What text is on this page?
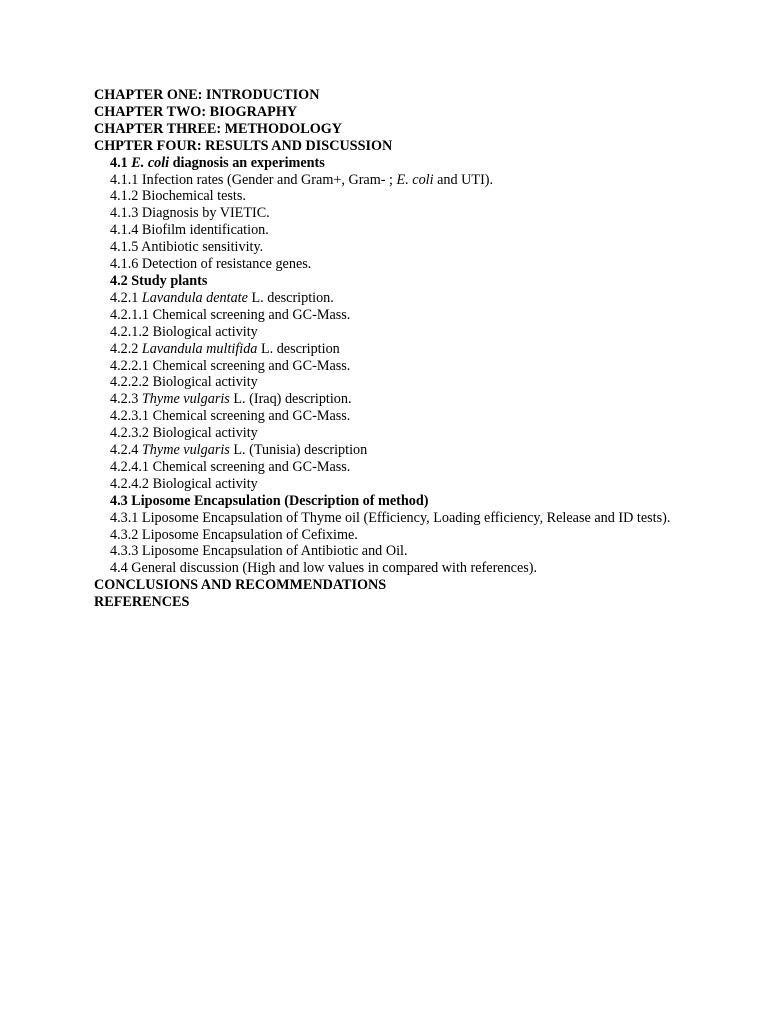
CHAPTER ONE: INTRODUCTION
CHAPTER TWO: BIOGRAPHY
CHAPTER THREE: METHODOLOGY
CHPTER FOUR: RESULTS AND DISCUSSION
4.1 E. coli diagnosis an experiments
4.1.1 Infection rates (Gender and Gram+, Gram- ; E. coli and UTI).
4.1.2 Biochemical tests.
4.1.3 Diagnosis by VIETIC.
4.1.4 Biofilm identification.
4.1.5 Antibiotic sensitivity.
4.1.6 Detection of resistance genes.
4.2 Study plants
4.2.1 Lavandula dentate L. description.
4.2.1.1 Chemical screening and GC-Mass.
4.2.1.2 Biological activity
4.2.2 Lavandula multifida L. description
4.2.2.1 Chemical screening and GC-Mass.
4.2.2.2 Biological activity
4.2.3 Thyme vulgaris L. (Iraq) description.
4.2.3.1 Chemical screening and GC-Mass.
4.2.3.2 Biological activity
4.2.4 Thyme vulgaris L. (Tunisia) description
4.2.4.1 Chemical screening and GC-Mass.
4.2.4.2 Biological activity
4.3 Liposome Encapsulation (Description of method)
4.3.1 Liposome Encapsulation of Thyme oil (Efficiency, Loading efficiency, Release and ID tests).
4.3.2 Liposome Encapsulation of Cefixime.
4.3.3 Liposome Encapsulation of Antibiotic and Oil.
4.4 General discussion (High and low values in compared with references).
CONCLUSIONS AND RECOMMENDATIONS
REFERENCES
